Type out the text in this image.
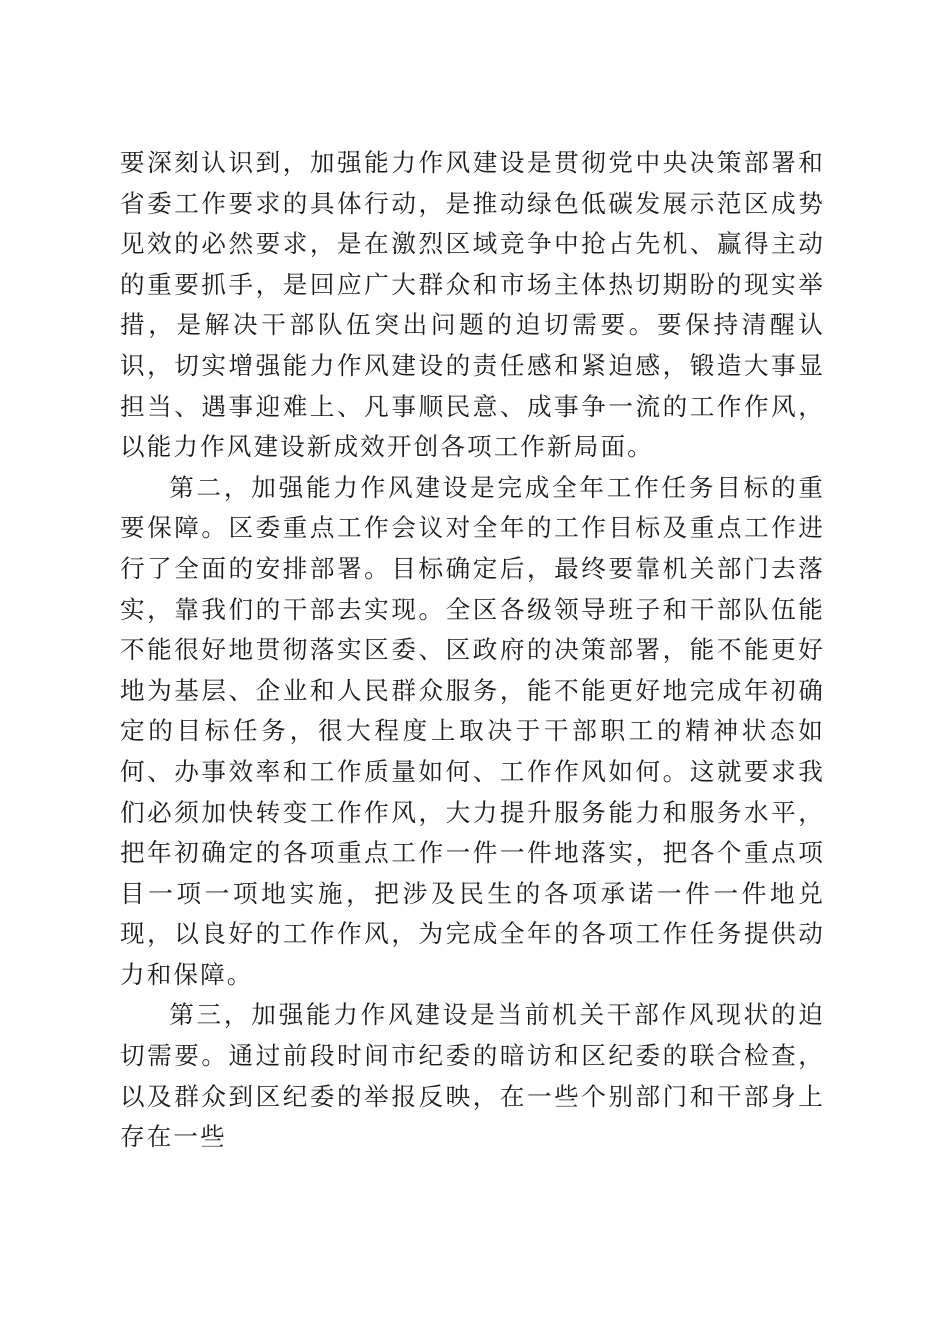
要深刻认识到，加强能力作风建设是贯彻党中央决策部署和省委工作要求的具体行动，是推动绿色低碳发展示范区成势见效的必然要求，是在激烈区域竞争中抢占先机、赢得主动的重要抓手，是回应广大群众和市场主体热切期盼的现实举措，是解决干部队伍突出问题的迫切需要。要保持清醒认识，切实增强能力作风建设的责任感和紧迫感，锻造大事显担当、遇事迎难上、凡事顺民意、成事争一流的工作作风，以能力作风建设新成效开创各项工作新局面。

第二，加强能力作风建设是完成全年工作任务目标的重要保障。区委重点工作会议对全年的工作目标及重点工作进行了全面的安排部署。目标确定后，最终要靠机关部门去落实，靠我们的干部去实现。全区各级领导班子和干部队伍能不能很好地贯彻落实区委、区政府的决策部署，能不能更好地为基层、企业和人民群众服务，能不能更好地完成年初确定的目标任务，很大程度上取决于干部职工的精神状态如何、办事效率和工作质量如何、工作作风如何。这就要求我们必须加快转变工作作风，大力提升服务能力和服务水平，把年初确定的各项重点工作一件一件地落实，把各个重点项目一项一项地实施，把涉及民生的各项承诺一件一件地兑现，以良好的工作作风，为完成全年的各项工作任务提供动力和保障。

第三，加强能力作风建设是当前机关干部作风现状的迫切需要。通过前段时间市纪委的暗访和区纪委的联合检查，以及群众到区纪委的举报反映，在一些个别部门和干部身上存在一些
